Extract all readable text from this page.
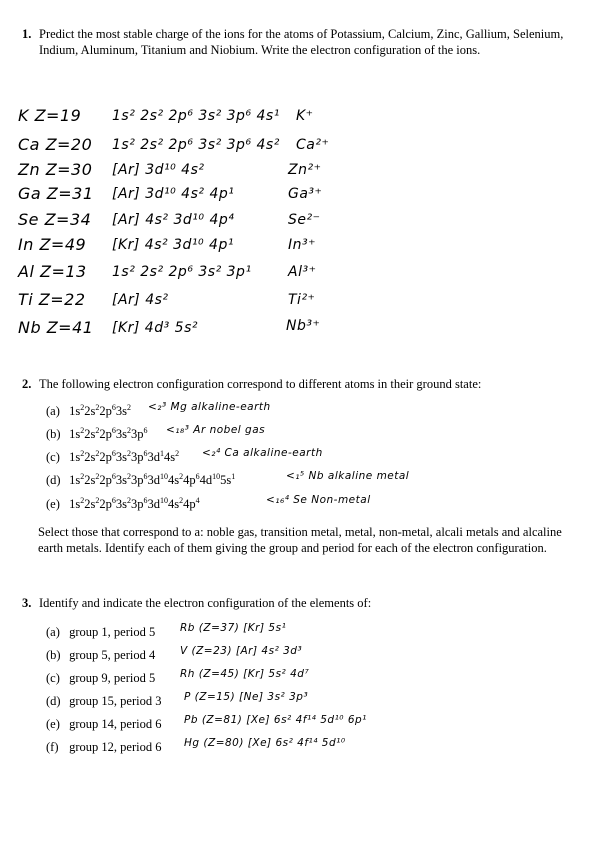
1. Predict the most stable charge of the ions for the atoms of Potassium, Calcium, Zinc, Gallium, Selenium, Indium, Aluminum, Titanium and Niobium. Write the electron configuration of the ions.
K Z=19 1s² 2s² 2p⁶ 3s² 3p⁶ 4s¹ K⁺
Ca Z=20 1s² 2s² 2p⁶ 3s² 3p⁶ 4s² Ca²⁺
Zn Z=30 [Ar] 3d¹⁰ 4s²	Zn²⁺
Ga Z=31 [Ar] 3d¹⁰ 4s² 4p¹	Ga³⁺
Se Z=34 [Ar] 4s² 3d¹⁰ 4p⁴	Se²⁻
In Z=49 [Kr] 4s² 3d¹⁰ 4p¹	In³⁺
Al Z=13 1s² 2s² 2p⁶ 3s² 3p¹	Al³⁺
Ti Z=22 [Ar] 4s²	Ti²⁺
Nb Z=41 [Kr] 4d³ 5s²	Nb³⁺
2. The following electron configuration correspond to different atoms in their ground state:
(a) $1s^22s^22p^63s^2 <_2^3$ Mg alkaline-earth
(b) $1s^22s^22p^63s^23p^6 <_{18}^3$ Ar nobel gas
(c) $1s^22s^22p^63s^23p^63d^14s^2 <_2^4$ Ca alkaline-earth
(d) $1s^22s^22p^63s^23p^63d^{10}4s^24p^64d^{10}5s^1$	<₁⁵ Nb alkaline metal
(e) $1s^22s^22p^63s^23p^63d^{10}4s^24p^4$	<₁₆⁴ Se Non-metal
Select those that correspond to a: noble gas, transition metal, metal, non-metal, alcali metals and alcaline earth metals. Identify each of them giving the group and period for each of the electron configuration.
3. Identify and indicate the electron configuration of the elements of:
(a) group 1, period 5 Rb (Z=37) [Kr] 5s¹
(b) group 5, period 4 V (Z=23) [Ar] 4s² 3d³
(c) group 9, period 5 Rh (Z=45) [Kr] 5s² 4d⁷
(d) group 15, period 3 P (Z=15) [Ne] 3s² 3p³
(e) group 14, period 6 Pb (Z=81) [Xe] 6s² 4f¹⁴ 5d¹⁰ 6p¹
(f) group 12, period 6 Hg (Z=80) [Xe] 6s² 4f¹⁴ 5d¹⁰
